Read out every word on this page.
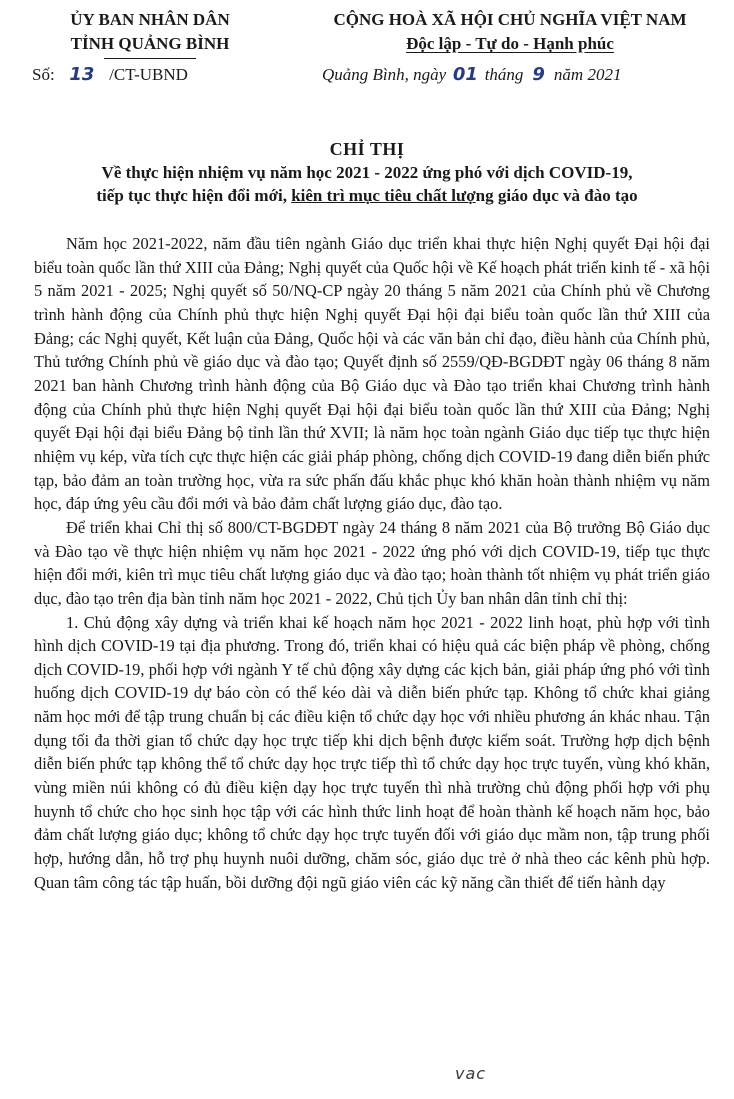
ỦY BAN NHÂN DÂN
TỈNH QUẢNG BÌNH
CỘNG HOÀ XÃ HỘI CHỦ NGHĨA VIỆT NAM
Độc lập - Tự do - Hạnh phúc
Số: 13 /CT-UBND	Quảng Bình, ngày 01 tháng 9 năm 2021
CHỈ THỊ
Về thực hiện nhiệm vụ năm học 2021 - 2022 ứng phó với dịch COVID-19,
tiếp tục thực hiện đổi mới, kiên trì mục tiêu chất lượng giáo dục và đào tạo

Năm học 2021-2022, năm đầu tiên ngành Giáo dục triển khai thực hiện Nghị quyết Đại hội đại biểu toàn quốc lần thứ XIII của Đảng; Nghị quyết của Quốc hội về Kế hoạch phát triển kinh tế - xã hội 5 năm 2021 - 2025; Nghị quyết số 50/NQ-CP ngày 20 tháng 5 năm 2021 của Chính phủ về Chương trình hành động của Chính phủ thực hiện Nghị quyết Đại hội đại biểu toàn quốc lần thứ XIII của Đảng; các Nghị quyết, Kết luận của Đảng, Quốc hội và các văn bản chỉ đạo, điều hành của Chính phủ, Thủ tướng Chính phủ về giáo dục và đào tạo; Quyết định số 2559/QĐ-BGDĐT ngày 06 tháng 8 năm 2021 ban hành Chương trình hành động của Bộ Giáo dục và Đào tạo triển khai Chương trình hành động của Chính phủ thực hiện Nghị quyết Đại hội đại biểu toàn quốc lần thứ XIII của Đảng; Nghị quyết Đại hội đại biểu Đảng bộ tỉnh lần thứ XVII; là năm học toàn ngành Giáo dục tiếp tục thực hiện nhiệm vụ kép, vừa tích cực thực hiện các giải pháp phòng, chống dịch COVID-19 đang diễn biến phức tạp, bảo đảm an toàn trường học, vừa ra sức phấn đấu khắc phục khó khăn hoàn thành nhiệm vụ năm học, đáp ứng yêu cầu đổi mới và bảo đảm chất lượng giáo dục, đào tạo.

Để triển khai Chỉ thị số 800/CT-BGDĐT ngày 24 tháng 8 năm 2021 của Bộ trưởng Bộ Giáo dục và Đào tạo về thực hiện nhiệm vụ năm học 2021 - 2022 ứng phó với dịch COVID-19, tiếp tục thực hiện đổi mới, kiên trì mục tiêu chất lượng giáo dục và đào tạo; hoàn thành tốt nhiệm vụ phát triển giáo dục, đào tạo trên địa bàn tỉnh năm học 2021 - 2022, Chủ tịch Ủy ban nhân dân tỉnh chỉ thị:

1. Chủ động xây dựng và triển khai kế hoạch năm học 2021 - 2022 linh hoạt, phù hợp với tình hình dịch COVID-19 tại địa phương. Trong đó, triển khai có hiệu quả các biện pháp về phòng, chống dịch COVID-19, phối hợp với ngành Y tế chủ động xây dựng các kịch bản, giải pháp ứng phó với tình huống dịch COVID-19 dự báo còn có thể kéo dài và diễn biến phức tạp. Không tổ chức khai giảng năm học mới để tập trung chuẩn bị các điều kiện tổ chức dạy học với nhiều phương án khác nhau. Tận dụng tối đa thời gian tổ chức dạy học trực tiếp khi dịch bệnh được kiểm soát. Trường hợp dịch bệnh diễn biến phức tạp không thể tổ chức dạy học trực tiếp thì tổ chức dạy học trực tuyến, vùng khó khăn, vùng miền núi không có đủ điều kiện dạy học trực tuyến thì nhà trường chủ động phối hợp với phụ huynh tổ chức cho học sinh học tập với các hình thức linh hoạt để hoàn thành kế hoạch năm học, bảo đảm chất lượng giáo dục; không tổ chức dạy học trực tuyến đối với giáo dục mầm non, tập trung phối hợp, hướng dẫn, hỗ trợ phụ huynh nuôi dưỡng, chăm sóc, giáo dục trẻ ở nhà theo các kênh phù hợp. Quan tâm công tác tập huấn, bồi dưỡng đội ngũ giáo viên các kỹ năng cần thiết để tiến hành dạy

vac
